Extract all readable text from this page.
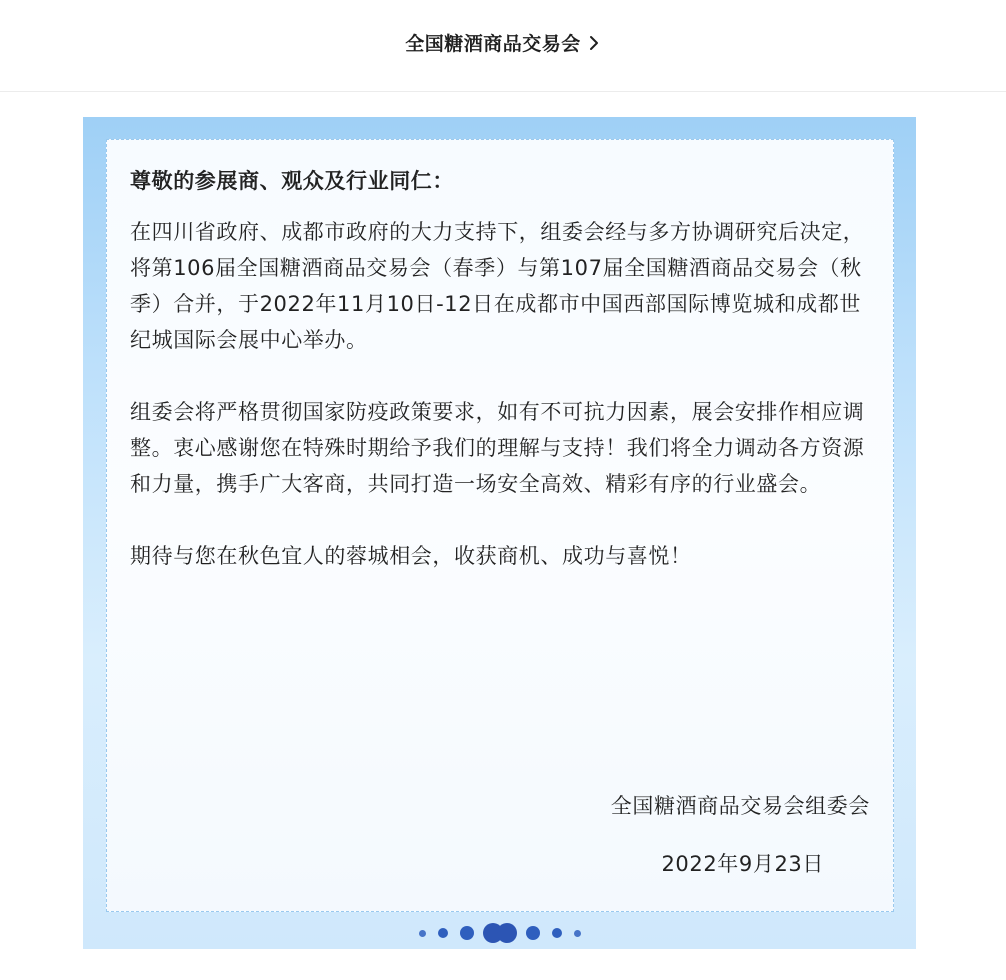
全国糖酒商品交易会

尊敬的参展商、观众及行业同仁：

在四川省政府、成都市政府的大力支持下，组委会经与多方协调研究后决定，将第106届全国糖酒商品交易会（春季）与第107届全国糖酒商品交易会（秋季）合并，于2022年11月10日-12日在成都市中国西部国际博览城和成都世纪城国际会展中心举办。

组委会将严格贯彻国家防疫政策要求，如有不可抗力因素，展会安排作相应调整。衷心感谢您在特殊时期给予我们的理解与支持！我们将全力调动各方资源和力量，携手广大客商，共同打造一场安全高效、精彩有序的行业盛会。

期待与您在秋色宜人的蓉城相会，收获商机、成功与喜悦！

全国糖酒商品交易会组委会
2022年9月23日
